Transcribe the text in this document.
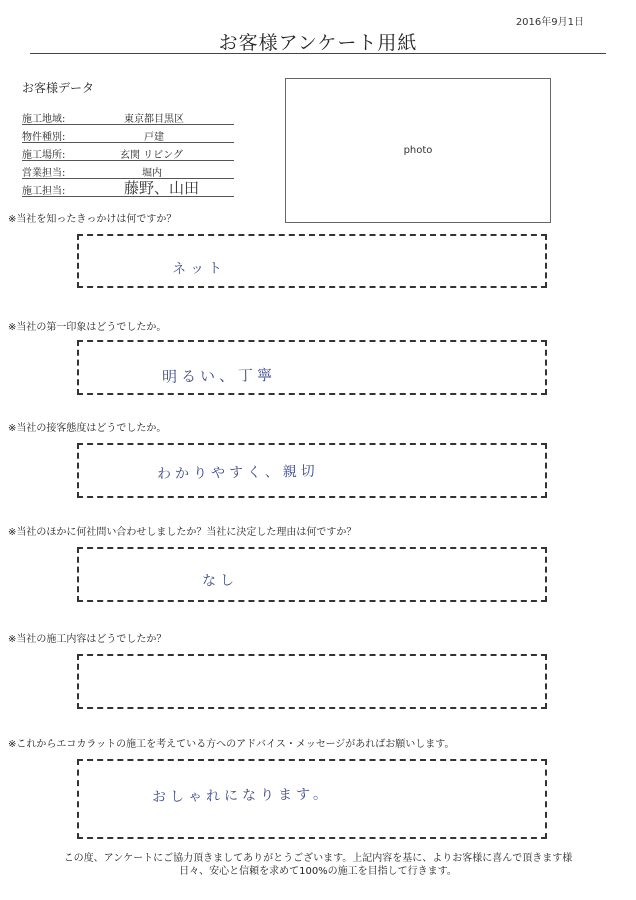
2016年9月1日
お客様アンケート用紙
お客様データ
施工地域:	東京都目黒区
物件種別:	戸建
施工場所:	玄関 リビング
営業担当:	堀内
施工担当:	藤野、山田
photo
※当社を知ったきっかけは何ですか？
ネット
※当社の第一印象はどうでしたか。
明るい、丁寧
※当社の接客態度はどうでしたか。
わかりやすく、親切
※当社のほかに何社問い合わせしましたか？当社に決定した理由は何ですか？
なし
※当社の施工内容はどうでしたか？
※これからエコカラットの施工を考えている方へのアドバイス・メッセージがあればお願いします。
おしゃれになります。
この度、アンケートにご協力頂きましてありがとうございます。上記内容を基に、よりお客様に喜んで頂きます様
日々、安心と信頼を求めて100%の施工を目指して行きます。
